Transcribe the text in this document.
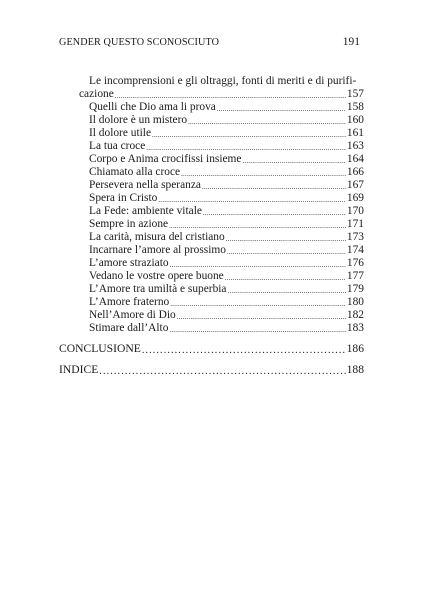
GENDER QUESTO SCONOSCIUTO	191
Le incomprensioni e gli oltraggi, fonti di meriti e di purifi-
cazione .....	157
Quelli che Dio ama li prova .....	158
Il dolore è un mistero .....	160
Il dolore utile .....	161
La tua croce .....	163
Corpo e Anima crocifissi insieme .....	164
Chiamato alla croce .....	166
Persevera nella speranza .....	167
Spera in Cristo .....	169
La Fede: ambiente vitale .....	170
Sempre in azione .....	171
La carità, misura del cristiano .....	173
Incarnare l’amore al prossimo .....	174
L’amore straziato .....	176
Vedano le vostre opere buone .....	177
L’Amore tra umiltà e superbia .....	179
L’Amore fraterno .....	180
Nell’Amore di Dio .....	182
Stimare dall’Alto .....	183
CONCLUSIONE .....	186
INDICE .....	188
